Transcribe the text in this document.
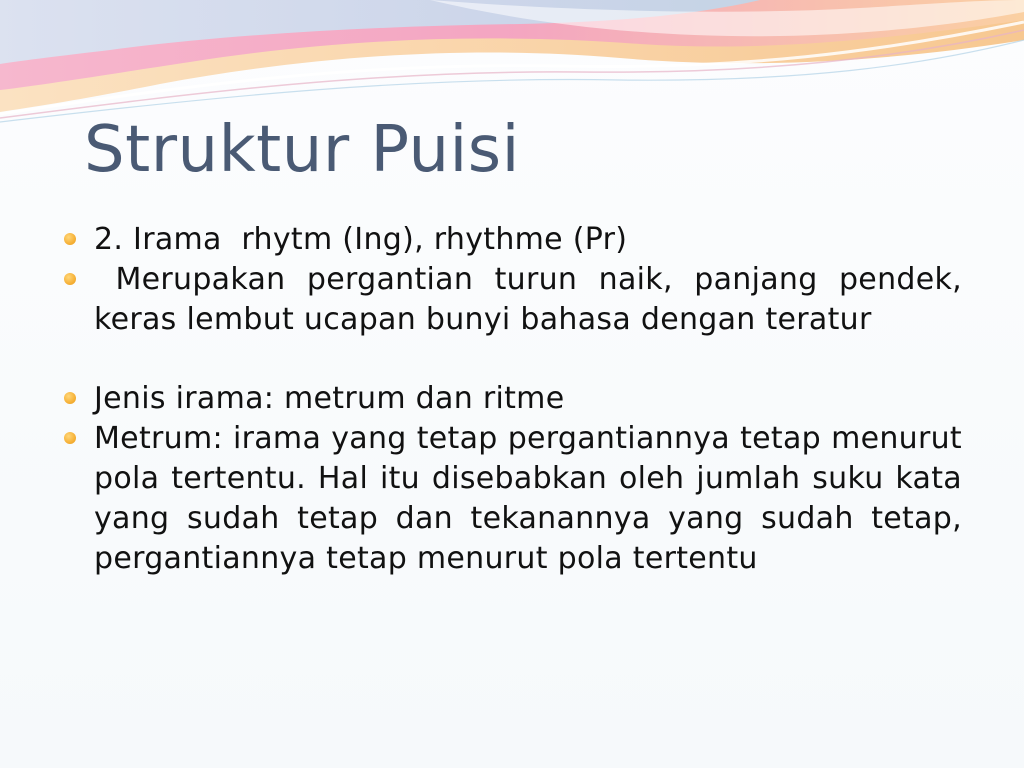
Struktur Puisi
2. Irama  rhytm (Ing), rhythme (Pr)
Merupakan pergantian turun naik, panjang pendek, keras lembut ucapan bunyi bahasa dengan teratur
Jenis irama: metrum dan ritme
Metrum: irama yang tetap pergantiannya tetap menurut pola tertentu. Hal itu disebabkan oleh jumlah suku kata yang sudah tetap dan tekanannya yang sudah tetap, pergantiannya tetap menurut pola tertentu
